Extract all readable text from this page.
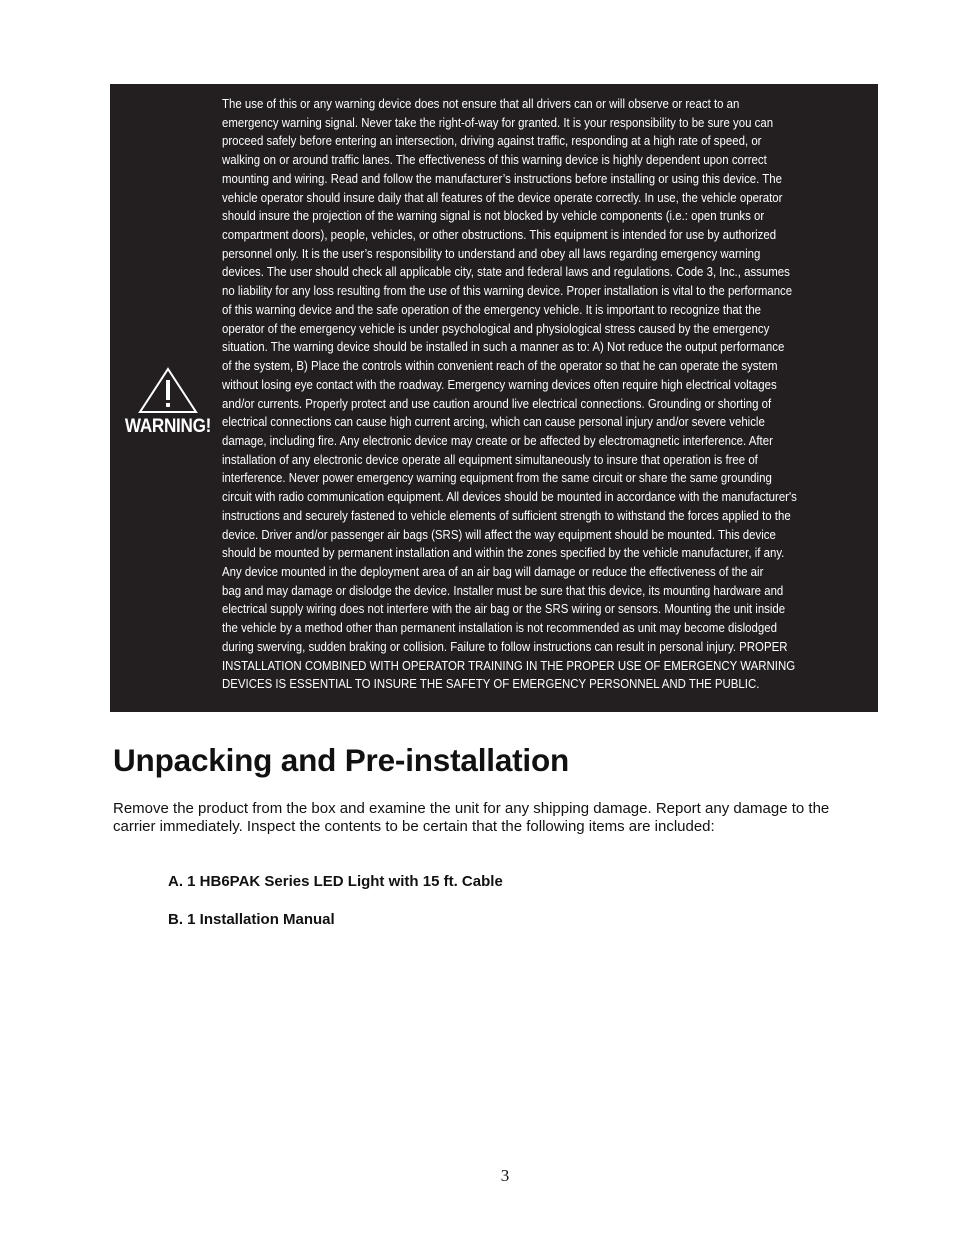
WARNING!

The use of this or any warning device does not ensure that all drivers can or will observe or react to an
emergency warning signal. Never take the right-of-way for granted. It is your responsibility to be sure you can
proceed safely before entering an intersection, driving against traffic, responding at a high rate of speed, or
walking on or around traffic lanes. The effectiveness of this warning device is highly dependent upon correct
mounting and wiring. Read and follow the manufacturer’s instructions before installing or using this device. The
vehicle operator should insure daily that all features of the device operate correctly. In use, the vehicle operator
should insure the projection of the warning signal is not blocked by vehicle components (i.e.: open trunks or
compartment doors), people, vehicles, or other obstructions. This equipment is intended for use by authorized
personnel only. It is the user’s responsibility to understand and obey all laws regarding emergency warning
devices. The user should check all applicable city, state and federal laws and regulations. Code 3, Inc., assumes
no liability for any loss resulting from the use of this warning device. Proper installation is vital to the performance
of this warning device and the safe operation of the emergency vehicle. It is important to recognize that the
operator of the emergency vehicle is under psychological and physiological stress caused by the emergency
situation. The warning device should be installed in such a manner as to: A) Not reduce the output performance
of the system, B) Place the controls within convenient reach of the operator so that he can operate the system
without losing eye contact with the roadway. Emergency warning devices often require high electrical voltages
and/or currents. Properly protect and use caution around live electrical connections. Grounding or shorting of
electrical connections can cause high current arcing, which can cause personal injury and/or severe vehicle
damage, including fire. Any electronic device may create or be affected by electromagnetic interference. After
installation of any electronic device operate all equipment simultaneously to insure that operation is free of
interference. Never power emergency warning equipment from the same circuit or share the same grounding
circuit with radio communication equipment. All devices should be mounted in accordance with the manufacturer's
instructions and securely fastened to vehicle elements of sufficient strength to withstand the forces applied to the
device. Driver and/or passenger air bags (SRS) will affect the way equipment should be mounted. This device
should be mounted by permanent installation and within the zones specified by the vehicle manufacturer, if any.
Any device mounted in the deployment area of an air bag will damage or reduce the effectiveness of the air
bag and may damage or dislodge the device. Installer must be sure that this device, its mounting hardware and
electrical supply wiring does not interfere with the air bag or the SRS wiring or sensors. Mounting the unit inside
the vehicle by a method other than permanent installation is not recommended as unit may become dislodged
during swerving, sudden braking or collision. Failure to follow instructions can result in personal injury. PROPER
INSTALLATION COMBINED WITH OPERATOR TRAINING IN THE PROPER USE OF EMERGENCY WARNING
DEVICES IS ESSENTIAL TO INSURE THE SAFETY OF EMERGENCY PERSONNEL AND THE PUBLIC.

Unpacking and Pre-installation

Remove the product from the box and examine the unit for any shipping damage. Report any damage to the carrier immediately. Inspect the contents to be certain that the following items are included:

A. 1 HB6PAK Series LED Light with 15 ft. Cable
B. 1 Installation Manual
3
